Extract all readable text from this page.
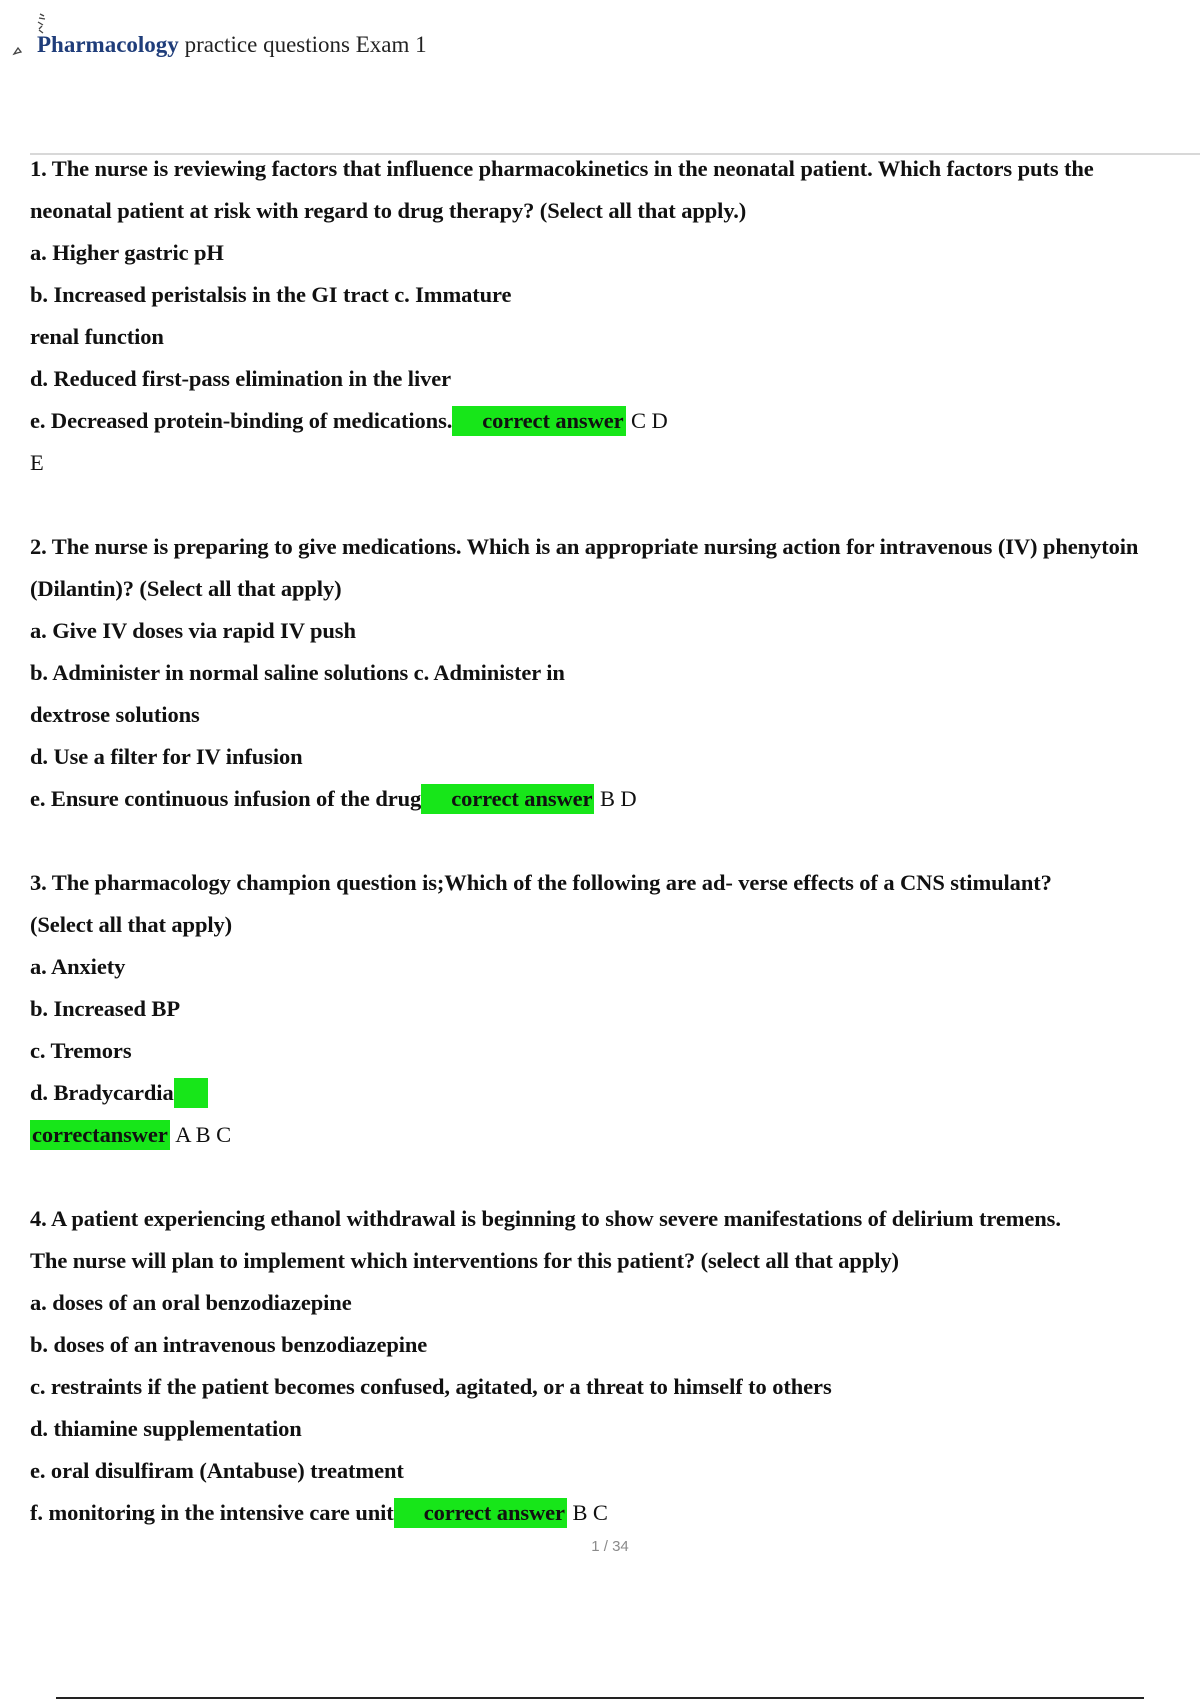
Pharmacology practice questions Exam 1
1. The nurse is reviewing factors that influence pharmacokinetics in the neonatal patient. Which factors puts the
neonatal patient at risk with regard to drug therapy? (Select all that apply.)
a. Higher gastric pH
b. Increased peristalsis in the GI tract c. Immature
renal function
d. Reduced first-pass elimination in the liver
e. Decreased protein-binding of medications. correct answer C D
E
2. The nurse is preparing to give medications. Which is an appropriate nursing action for intravenous (IV) phenytoin
(Dilantin)? (Select all that apply)
a. Give IV doses via rapid IV push
b. Administer in normal saline solutions c. Administer in
dextrose solutions
d. Use a filter for IV infusion
e. Ensure continuous infusion of the drug correct answer B D
3. The pharmacology champion question is;Which of the following are ad- verse effects of a CNS stimulant?
(Select all that apply)
a. Anxiety
b. Increased BP
c. Tremors
d. Bradycardia
correctanswer A B C
4. A patient experiencing ethanol withdrawal is beginning to show severe manifestations of delirium tremens.
The nurse will plan to implement which interventions for this patient? (select all that apply)
a. doses of an oral benzodiazepine
b. doses of an intravenous benzodiazepine
c. restraints if the patient becomes confused, agitated, or a threat to himself to others
d. thiamine supplementation
e. oral disulfiram (Antabuse) treatment
f. monitoring in the intensive care unit correct answer B C
1 / 34
